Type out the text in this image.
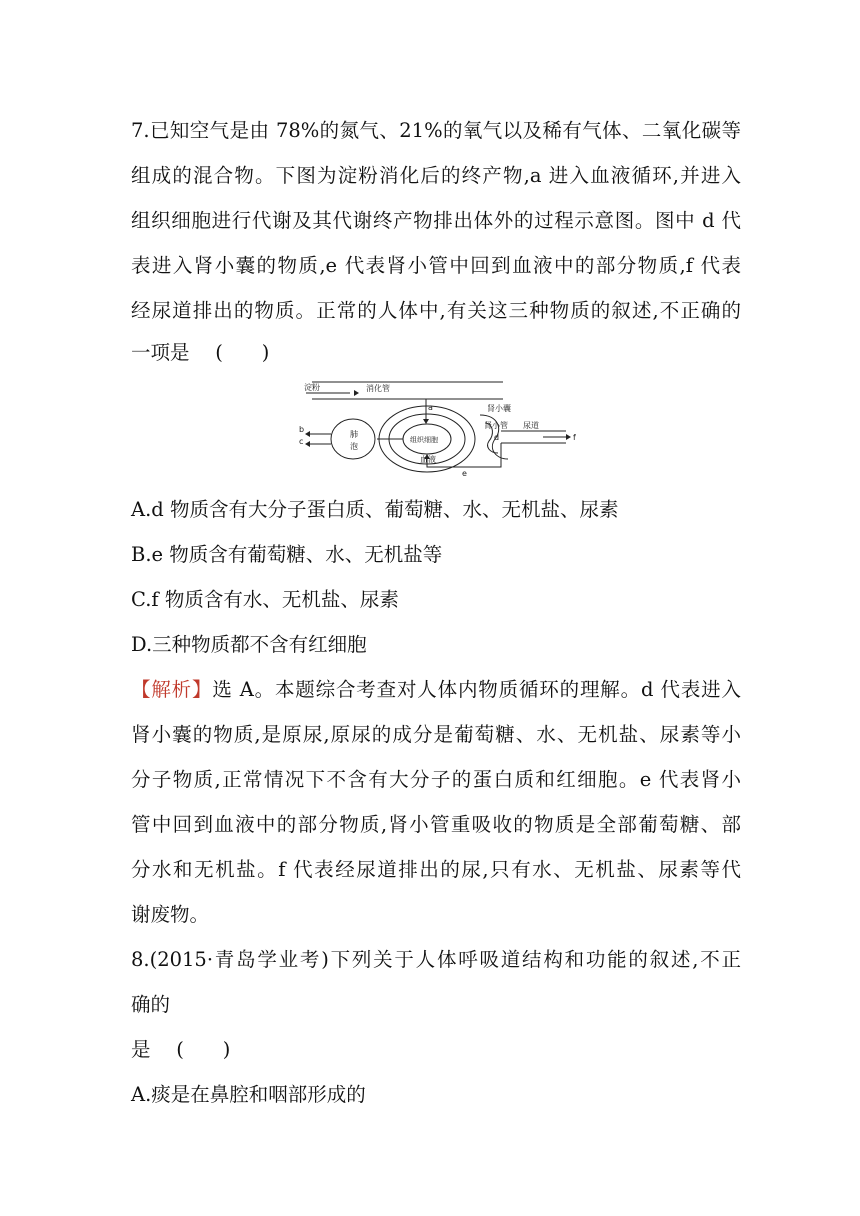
7.已知空气是由 78%的氮气、21%的氧气以及稀有气体、二氧化碳等
组成的混合物。下图为淀粉消化后的终产物,a 进入血液循环,并进入
组织细胞进行代谢及其代谢终产物排出体外的过程示意图。图中 d 代
表进入肾小囊的物质,e 代表肾小管中回到血液中的部分物质,f 代表
经尿道排出的物质。正常的人体中,有关这三种物质的叙述,不正确的
一项是 　(　　)
淀粉	消化管
a
b
c
肺
泡
组织细胞
血液
肾小囊
肾小管 尿道
d
e
f
A.d 物质含有大分子蛋白质、葡萄糖、水、无机盐、尿素
B.e 物质含有葡萄糖、水、无机盐等
C.f 物质含有水、无机盐、尿素
D.三种物质都不含有红细胞
【解析】选 A。本题综合考查对人体内物质循环的理解。d 代表进入
肾小囊的物质,是原尿,原尿的成分是葡萄糖、水、无机盐、尿素等小
分子物质,正常情况下不含有大分子的蛋白质和红细胞。e 代表肾小
管中回到血液中的部分物质,肾小管重吸收的物质是全部葡萄糖、部
分水和无机盐。f 代表经尿道排出的尿,只有水、无机盐、尿素等代
谢废物。
8.(2015·青岛学业考)下列关于人体呼吸道结构和功能的叙述,不正
确的
是 　(　　)
A.痰是在鼻腔和咽部形成的
